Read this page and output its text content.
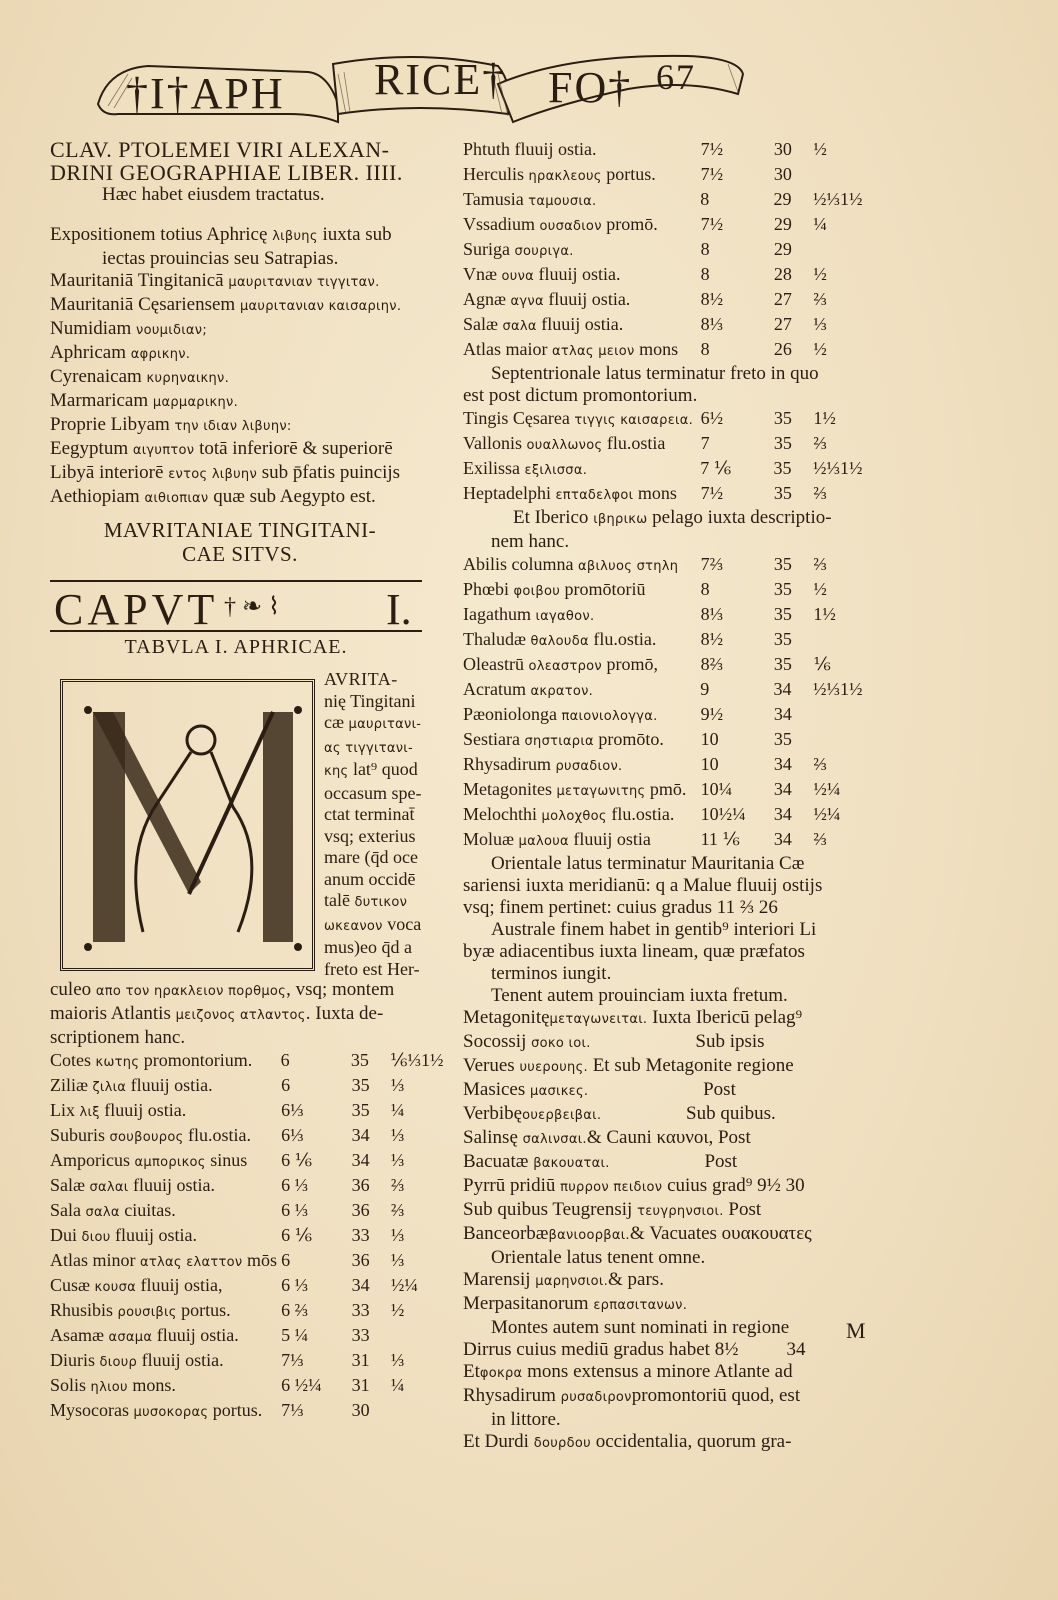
†I†APH RICE† FO† 67
CLAV. PTOLEMEI VIRI ALEXAN-
DRINI GEOGRAPHIAE LIBER. IIII.
Hæc habet eiusdem tractatus.
Expositionem totius Aphricę λιβυης iuxta sub
iectas prouincias seu Satrapias.
Mauritaniā Tingitanicā μαυριτανιαν τιγγιταν.
Mauritaniā Cęsariensem μαυριτανιαν καισαριην.
Numidiam νουμιδιαν;
Aphricam αφρικην.
Cyrenaicam κυρηναικην.
Marmaricam μαρμαρικην.
Proprie Libyam την ιδιαν λιβυην:
Eegyptum αιγυπτον totā inferiorē & superiorē
Libyā interiorē εντος λιβυην sub p̄fatis puincijs
Aethiopiam αιθιοπιαν quæ sub Aegypto est.
MAVRITANIAE TINGITANI-
CAE SITVS.
CAPVT † ❧ ⌇ I.
TABVLA I. APHRICAE.
AVRITA-
nię Tingitani
cæ μαυριτανι-
ας τιγγιτανι-
κης lat⁹ quod
occasum spe-
ctat terminat̄
vsq; exterius
mare (q̄d oce
anum occidē
talē δυτικον
ωκεανον voca
mus)eo q̄d a
freto est Her-
culeo απο τον ηρακλειον πορθμος, vsq; montem
maioris Atlantis μειζονος ατλαντος. Iuxta de-
scriptionem hanc.
Cotes κωτης promontorium.	6	35	⅙⅓1½
Ziliæ ζιλια fluuij ostia.	6	35	⅓
Lix λιξ fluuij ostia.	6⅓	35	¼
Suburis σουβουρος flu.ostia.	6⅓	34	⅓
Amporicus αμπορικος sinus	6 ⅙	34	⅓
Salæ σαλαι fluuij ostia.	6 ⅓	36	⅔
Sala σαλα ciuitas.	6 ⅓	36	⅔
Dui διου fluuij ostia.	6 ⅙	33	⅓
Atlas minor ατλας ελαττον mōs 6	36	⅓
Cusæ κουσα fluuij ostia,	6 ⅓	34	½¼
Rhusibis ρουσιβις portus.	6 ⅔	33	½
Asamæ ασαμα fluuij ostia.	5 ¼	33
Diuris διουρ fluuij ostia.	7⅓	31	⅓
Solis ηλιου mons.	6 ½¼	31	¼
Mysocoras μυσοκορας portus.	7⅓	30
Phtuth fluuij ostia.	7½	30	½
Herculis ηρακλεους portus.	7½	30
Tamusia ταμουσια.	8	29	½⅓1½
Vssadium ουσαδιον promō.	7½	29	¼
Suriga σουριγα.	8	29
Vnæ ουνα fluuij ostia.	8	28	½
Agnæ αγνα fluuij ostia.	8½	27	⅔
Salæ σαλα fluuij ostia.	8⅓	27	⅓
Atlas maior ατλας μειον mons	8	26	½
Septentrionale latus terminatur freto in quo
est post dictum promontorium.
Tingis Cęsarea τιγγις καισαρεια. 6½	35	1½
Vallonis ουαλλωνος flu.ostia	7	35	⅔
Exilissa εξιλισσα.	7 ⅙	35	½⅓1½
Heptadelphi επταδελφοι mons	7½	35	⅔
Et Iberico ιβηρικω pelago iuxta descriptio-
nem hanc.
Abilis columna αβιλυος στηλη	7⅔	35	⅔
Phœbi φοιβου promōtoriū	8	35	½
Iagathum ιαγαθον.	8⅓	35	1½
Thaludæ θαλουδα flu.ostia.	8½	35
Oleastrū ολεαστρον promō,	8⅔	35	⅙
Acratum ακρατον.	9	34	½⅓1½
Pæoniolonga παιονιολογγα.	9½	34
Sestiara σηστιαρια promōto.	10	35
Rhysadirum ρυσαδιον.	10	34	⅔
Metagonites μεταγωνιτης pmō. 10¼	34	½¼
Melochthi μολοχθος flu.ostia.	10½¼	34	½¼
Moluæ μαλουα fluuij ostia	11 ⅙	34	⅔
Orientale latus terminatur Mauritania Cæ
sariensi iuxta meridianū: q a Malue fluuij ostijs
vsq; finem pertinet: cuius gradus 11 ⅔ 26
Australe finem habet in gentib⁹ interiori Li
byæ adiacentibus iuxta lineam, quæ præfatos
terminos iungit.
Tenent autem prouinciam iuxta fretum.
Metagonitęμεταγωνειται. Iuxta Ibericū pelag⁹
Socossij σοκο ιοι.	Sub ipsis
Verues υυερουης. Et sub Metagonite regione
Masices μασικες.	Post
Verbibęουερβειβαι.	Sub quibus.
Salinsę σαλινσαι.& Cauni καυνοι, Post
Bacuatæ βακουαται.	Post
Pyrrū pridiū πυρρον πειδιον cuius grad⁹ 9½ 30
Sub quibus Teugrensij τευγρηνσιοι. Post
Banceorbæβανιοορβαι.& Vacuates ουακουατες
Orientale latus tenent omne.
Marensij μαρηνσιοι.& pars.
Merpasitanorum ερπασιτανων.
Montes autem sunt nominati in regione
Dirrus cuius mediū gradus habet 8½	34
Etφοκρα mons extensus a minore Atlante ad
Rhysadirum ρυσαδιρονpromontoriū quod, est
in littore.
Et Durdi δουρδου occidentalia, quorum gra-
M
